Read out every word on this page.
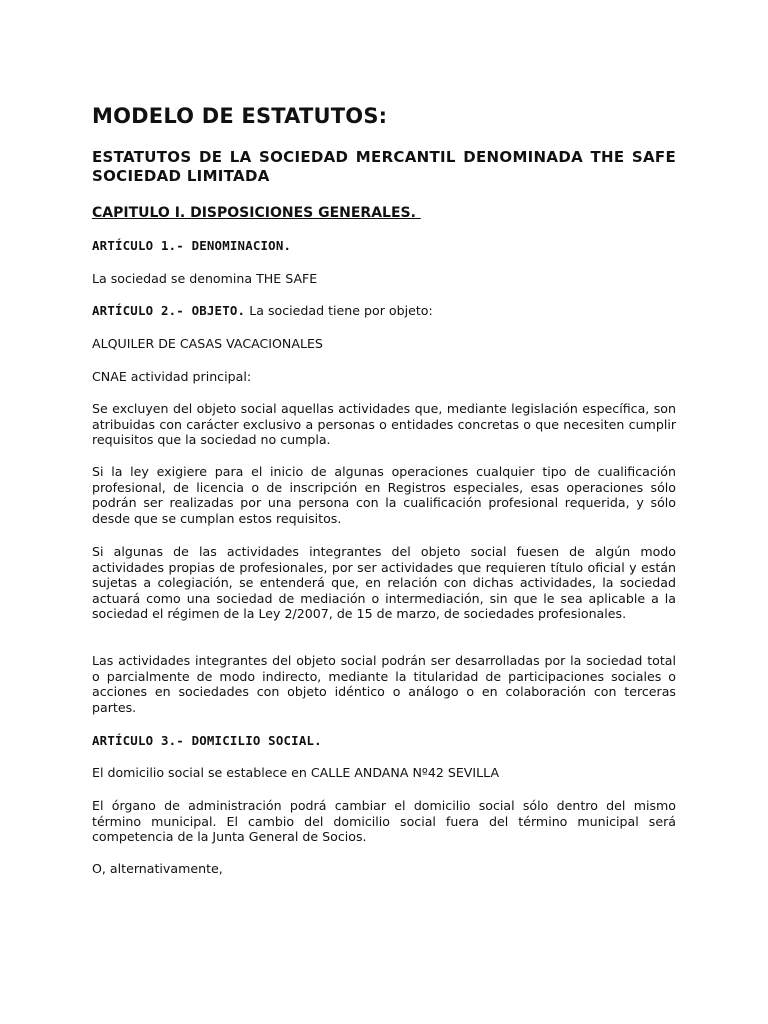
MODELO DE ESTATUTOS:
ESTATUTOS DE LA SOCIEDAD MERCANTIL DENOMINADA THE SAFE SOCIEDAD LIMITADA
CAPITULO I. DISPOSICIONES GENERALES.

ARTÍCULO 1.- DENOMINACION.

La sociedad se denomina THE SAFE

ARTÍCULO 2.- OBJETO. La sociedad tiene por objeto:

ALQUILER DE CASAS VACACIONALES

CNAE actividad principal:

Se excluyen del objeto social aquellas actividades que, mediante legislación específica, son atribuidas con carácter exclusivo a personas o entidades concretas o que necesiten cumplir requisitos que la sociedad no cumpla.

Si la ley exigiere para el inicio de algunas operaciones cualquier tipo de cualificación profesional, de licencia o de inscripción en Registros especiales, esas operaciones sólo podrán ser realizadas por una persona con la cualificación profesional requerida, y sólo desde que se cumplan estos requisitos.

Si algunas de las actividades integrantes del objeto social fuesen de algún modo actividades propias de profesionales, por ser actividades que requieren título oficial y están sujetas a colegiación, se entenderá que, en relación con dichas actividades, la sociedad actuará como una sociedad de mediación o intermediación, sin que le sea aplicable a la sociedad el régimen de la Ley 2/2007, de 15 de marzo, de sociedades profesionales.

Las actividades integrantes del objeto social podrán ser desarrolladas por la sociedad total o parcialmente de modo indirecto, mediante la titularidad de participaciones sociales o acciones en sociedades con objeto idéntico o análogo o en colaboración con terceras partes.

ARTÍCULO 3.- DOMICILIO SOCIAL.

El domicilio social se establece en CALLE ANDANA Nº42 SEVILLA

El órgano de administración podrá cambiar el domicilio social sólo dentro del mismo término municipal. El cambio del domicilio social fuera del término municipal será competencia de la Junta General de Socios.

O, alternativamente,
